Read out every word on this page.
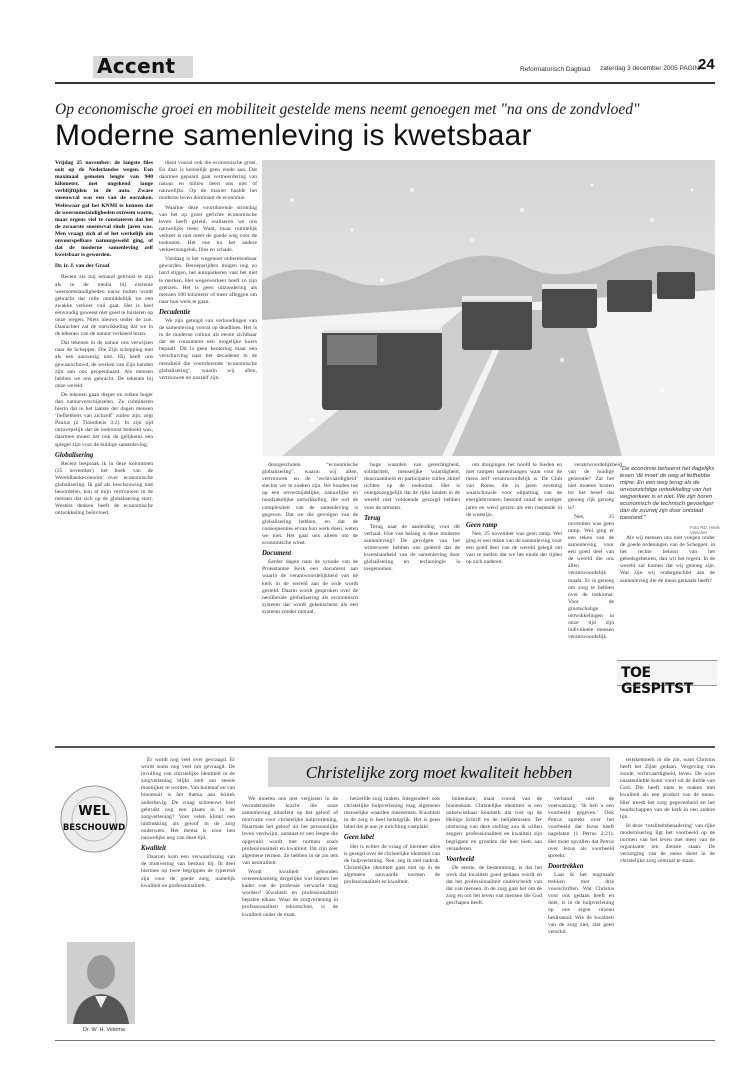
Accent	Reformatorisch Dagblad zaterdag 3 december 2005 PAGINA
24
Op economische groei en mobiliteit gestelde mens neemt genoegen met "na ons de zondvloed"
Moderne samenleving is kwetsbaar

Vrijdag 25 november: de langste files ooit op de Nederlandse wegen. Een maximaal gemeten lengte van 940 kilometer, met ongekend lange verblijftijden in de auto. Zware sneeuwval was een van de oorzaken. Weliswaar gaf het KNMI te kennen dat de weersomstandigheden extreem waren, maar ergens viel te constateren dat het de zwaarste sneeuwval sinds jaren was. Men vraagt zich af of het werkelijk om onvoorspelbare natuurgeweld ging, of dat de moderne samenleving zelf kwetsbaar is geworden.

Dr. ir. J. van der Graaf

Recent zei mij iemand getroost te zijn als in de media bij extreme weersomstandigheden nauw buiten wordt gebracht dat rolle onmiddellijk tot een zwakke verkeer vuil gaat. Het is heel eenvoudig geweest niet goed te luisteren op onze wegen. Niets nieuws onder de zon. Daarachter zat de ontwikkeling dat we in de tekenen van de natuur verkeerd lezen.

Dat tekenen in de natuur ons verwijzen naar de Schepper. Die Zijn schepping met als een aanwezig niet. Hij heeft ons gewaarschuwd, de werken van Zijn handen zijn aan ons geopenbaard. Als mensen hebben we ons gebracht. De tekenen bij onze wereld.

De tekenen gaan dieper en reiken hoger dan natuurverschijnselen. Ze culmineren hierin dat in het laatste der dagen mensen ‘liefhebbers van zichzelf’ zullen zijn, zegt Paulus (2 Timotheüs 3:2). In zijn tijd ontwerpelijk dat de toekomst bedoeld was, daarmee moest het ook de gelijkenis een spiegel zijn voor de huidige samenleving.

Globalisering

Recent bespraak ik in deze kolommen (25 november) het boek van de Wereldbankeconoom over economische globalisering. Ik gaf als beschouwing niet beoordelen, kon al mijn vertrouwen in de mensen dat zich op de globalisering stort. Westers denken heeft de economische ontwikkeling beïnvloed.

dient vooral ook die economische groei. En daar is kennelijk geen einde aan. Dat daarmee gepaard gaat vermeerdering van natuur en milieu deert ons niet of nauwelijks. Op de manier haalde het moderne leven dominant de economie.

Waartoe deze voortdurende stroming van het op groei gerichte economische leven heeft geleid, realiseren we ons nauwelijks meer. Want, maar ruimtelijk verkeer is niet meer de goede weg voor de toekomst. Het ene na het andere verkeersongeluk, files en schade.

Vandaag is het wegennet onberekenbaar geworden. Beroepsrijders mogen nog zo hard stijgen, het autoparkeren vast het niet te merken. Het wegenverkeer heeft zo zijn grenzen. Het is geen uitzondering als mensen 100 kilometer of meer afleggen om naar hun werk te gaan.

Decadentie

We zijn getuigd van verhoudingen van de samenleving vooral op deadlines. Het is in de moderne cultuur als eerste zichtbaar dat de consument een mogelijke koers bepaalt. Dit is geen kentering maar een verschuiving naar het decadente in de mensheid die voortdurende ‘economische globalisering’, waarin wij allen, vertrouwen en onszelf zijn.

doorgeschoten “economische globalisering”, waarin wij allen, vertrouwen en de ‘rechtvaardigheid’ slechts ver te zoeken zijn. We houden het op een onvermijdelijke, natuurlijke en noodzakelijke ontwikkeling, die wel de complexiteit van de samenleving is gegeven. Dat we die gevolgen van de globalisering hebben, en dat de consequenties ervan hun werk doen, weten we niet. Het gaat ons alleen om de economische winst.

Document

Eerder dagen nam de synode van de Protestantse Kerk een document aan waarin de verantwoordelijkheid van de kerk in de wereld aan de orde wordt gesteld. Daarin wordt gesproken over de neoliberale globalisering als economisch systeem dat wordt gekenschetst als een systeem zonder moraal.

hoge waarden van gerechtigheid, solidariteit, menselijke waardigheid, duurzaamheid en participatie zullen aktief richten op de toekomst. Het is ontegenzeggelijk dat de rijke landen in de wereld niet voldoende gezorgd hebben voor de armsten.

Terug

Terug naar de aanleiding voor dit verhaal. Hoe van belang is deze moderne samenleving? De gevolgen van het winterweer hebben ons geleerd dat de kwetsbaarheid van de samenleving door globalisering en technologie is toegenomen.

om dreigingen het hoofd te bieden en met rampen samenhangen waar voor de mens zelf verantwoordelijk is. De Club van Rome, die in jaren zeventig waarschuwde voor uitputting van de energiebronnen, bestond vanaf de zestiger jaren en werd gezien als een roepende in de woestijn.

Geen ramp

Nee, 25 november was geen ramp. Wel ging er een teken van de samenleving voor een goed deel van de wereld gelegd om vast te stellen dat we het einde der tijden op zich naderen.

verantwoordelijkheid van de huidige generatie? Zal het niet moeten kosten tot het besef dat genoeg rijk genoeg is?

Nee, 25 november was geen ramp. Wel ging er een teken van de samenleving voor een goed deel van de wereld die ons allen verantwoordelijk maakt. Er is genoeg om zorg te hebben over de toekomst. Voor de grootschalige ontwikkelingen in onze tijd zijn individuele mensen verantwoordelijk.

"De economie beheerst het dagelijks leven ‘dit moet’ de weg af liefhebbe mijne. En een weg terug als de onvoorzichtige ontwikkeling van het wegverkeer is er niet. We zijn horen economisch de technisch gevoeliger dan de zuurwij zijn door ontstaat toestand."
Foto RD, Henk Visscher

Als wij mensen ons niet voegen onder de goede ordeningen van de Schepper, in het rechte beloon van het gebedsgebeuren, dan wil het regent. In de wereld zal komen dat wij genoeg zijn. Wat zijn wij ondergeschikt aan de samenleving die de mens gemaakt heeft?

TOE GESPITST
Christelijke zorg moet kwaliteit hebben
WEL
BESCHOUWD

Er wordt nog veel over gevraagd. Er wordt soms nog veel om gevraagd. De invulling van christelijke identiteit in de zorgverlening blijkt stelt om steeds moeilijker te worden. Van buitenaf en van binnenuit is het thema aan kritiek onderhevig. De vraag schreeuwt heel gebruikt nog een plaats in in de zorgverlening? Voor velen klinkt een uitdrukking als geloof in de zorg ouderwets. Het thema is voor hen nauwelijks nog van deze tijd.

Kwaliteit

Daarom kom een verwaarlozing van de motivering van bestuur bij. Ik deel hiermee op twee begrippen de typerend zijn voor de goede zorg, namelijk kwaliteit en professionaliteit.

Dr. W. H. Velema

We moeten ons niet vergissen in de veronderstelde kracht die onze samenleving uitoefent op het geloof of motivatie voor christelijke hulpverlening. Naarmate het geloof uit het persoonlijke leven verdwijnt, ontstaat er een leegte die opgevuld wordt met normen zoals professionaliteit en kwaliteit. Dit zijn zeer algemene termen. Ze hebben in de zin iets van neutraliteit.

Wordt kwaliteit gebonden overeenkomstig dergelijke wat binnen het kader van de professie verwacht mag worden? Kwaliteit en professionaliteit bepalen elkaar. Waar de zorgverlening in professionaliteit tekortschiet, is de kwaliteit onder de maat.

hetzelfde zorg maken. Integendeel: ook christelijke hulpverlening mag algemeen menselijke waarden meenemen. Kwaliteit in de zorg is heel belangrijk. Het is geen label dat je aan je inrichting vastplakt.

Geen label

Het is echter de vraag of hiermee alles is gezegd over de christelijke identiteit van de hulpverlening. Nee, zeg ik met nadruk. Christelijke identiteit gaat niet op in de algemeen aanvaarde normen de professionaliteit en kwaliteit.

buitenkant, maar vooral van de binnenkant. Christelijke identiteit is een onbetwistbaar kenmerk dat rust op de Heilige Schrift en de belijdenissen. Ter uitsturing van deze stelling zou ik willen zeggen: professionaliteit en kwaliteit zijn begrippen en gronden die hier niets aan veranderen.

Voorbeeld

De eerste, de bestemming, is dat het werk dat kwaliteit goed gedaan wordt en dat het professionaliteit onderscheidt van dat van mensen. In de zorg gaat het om de zorg en om het leven van mensen die God geschapen heeft.

verband met de voetwassing: ‘Ik heb u een voorbeeld gegeven.’ Ook Petrus spreekt over het voorbeeld dat Jezus heeft nagelaten (1 Petrus 2:21). Het moet opvallen dat Petrus over Jezus als voorbeeld spreekt.

Doortrekken

Laat ik het nogmaals trekken met drie voorschriften. Wat Christus voor ons gedaan heeft en doet, is in de hulpverlening op ons eigen niveau beslissend. Wie de kwaliteit van de zorg ziet, ziet geen verschil.

teitskenmerk in die zin, want Christus heeft het Zijne gedaan. Vergeving van zonde, rechtvaardigheid, leven. De ware naastenliefde komt voort uit de liefde van God. Die heeft niets te maken met kwaliteit als een product van de mens. Hier treedt het zorg gegevenheid en het boodschappen van de kerk in een andere lijn.

In deze ‘totaliteitsbenadering’ van rijke modernisering ligt het voorbeeld op de normen van het leven met meer van de organisatie ten dienste staan. De verzorging van de mens dient in de christelijke zorg centraal te staan.
